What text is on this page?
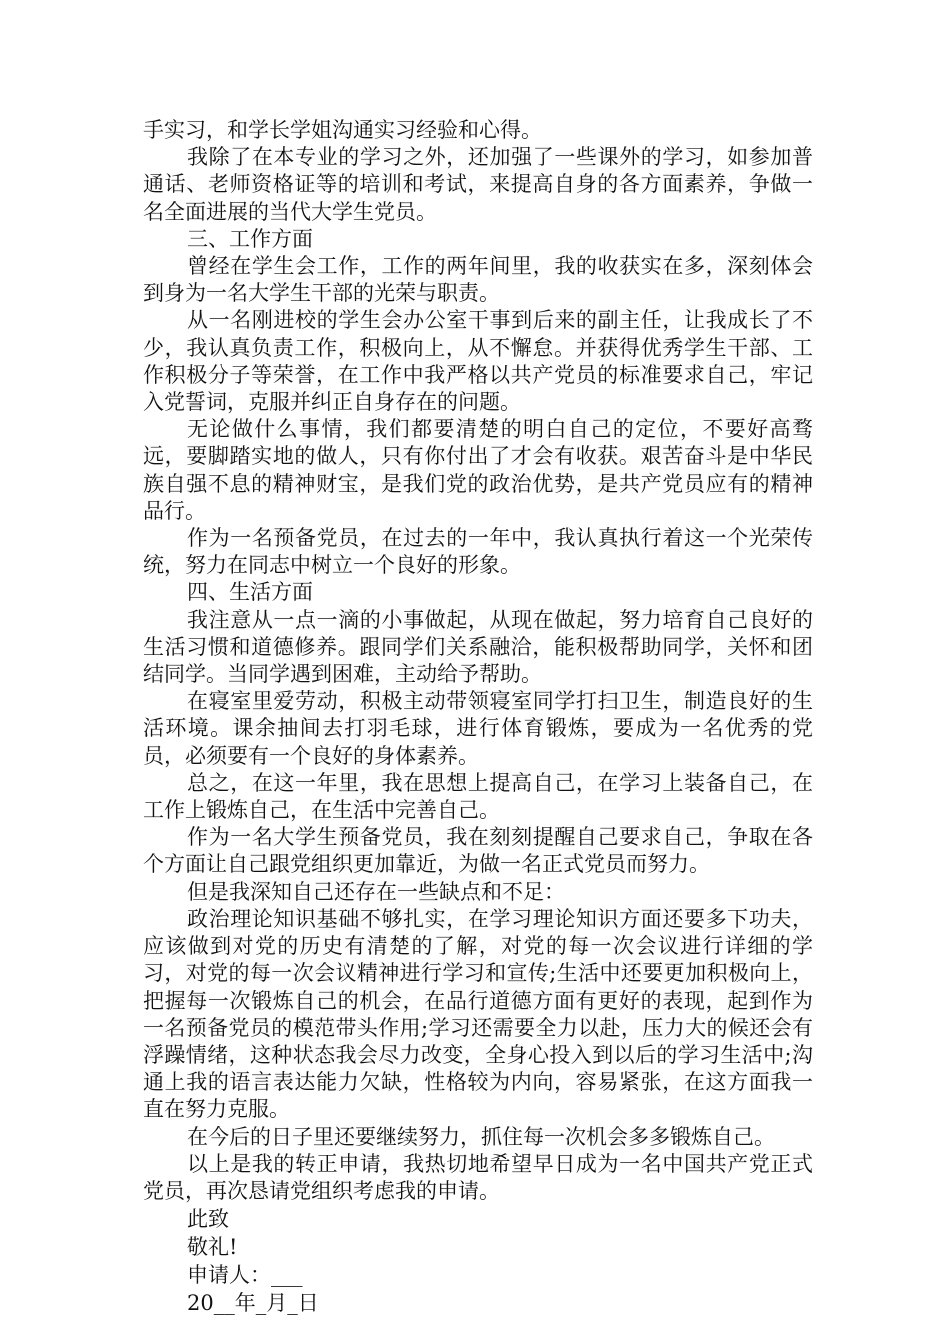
手实习，和学长学姐沟通实习经验和心得。

我除了在本专业的学习之外，还加强了一些课外的学习，如参加普通话、老师资格证等的培训和考试，来提高自身的各方面素养，争做一名全面进展的当代大学生党员。

三、工作方面

曾经在学生会工作，工作的两年间里，我的收获实在多，深刻体会到身为一名大学生干部的光荣与职责。

从一名刚进校的学生会办公室干事到后来的副主任，让我成长了不少，我认真负责工作，积极向上，从不懈怠。并获得优秀学生干部、工作积极分子等荣誉，在工作中我严格以共产党员的标准要求自己，牢记入党誓词，克服并纠正自身存在的问题。

无论做什么事情，我们都要清楚的明白自己的定位，不要好高骛远，要脚踏实地的做人，只有你付出了才会有收获。艰苦奋斗是中华民族自强不息的精神财宝，是我们党的政治优势，是共产党员应有的精神品行。

作为一名预备党员，在过去的一年中，我认真执行着这一个光荣传统，努力在同志中树立一个良好的形象。

四、生活方面

我注意从一点一滴的小事做起，从现在做起，努力培育自己良好的生活习惯和道德修养。跟同学们关系融洽，能积极帮助同学，关怀和团结同学。当同学遇到困难，主动给予帮助。

在寝室里爱劳动，积极主动带领寝室同学打扫卫生，制造良好的生活环境。课余抽间去打羽毛球，进行体育锻炼，要成为一名优秀的党员，必须要有一个良好的身体素养。

总之，在这一年里，我在思想上提高自己，在学习上装备自己，在工作上锻炼自己，在生活中完善自己。

作为一名大学生预备党员，我在刻刻提醒自己要求自己，争取在各个方面让自己跟党组织更加靠近，为做一名正式党员而努力。

但是我深知自己还存在一些缺点和不足：

政治理论知识基础不够扎实，在学习理论知识方面还要多下功夫，应该做到对党的历史有清楚的了解，对党的每一次会议进行详细的学习，对党的每一次会议精神进行学习和宣传;生活中还要更加积极向上，把握每一次锻炼自己的机会，在品行道德方面有更好的表现，起到作为一名预备党员的模范带头作用;学习还需要全力以赴，压力大的候还会有浮躁情绪，这种状态我会尽力改变，全身心投入到以后的学习生活中;沟通上我的语言表达能力欠缺，性格较为内向，容易紧张，在这方面我一直在努力克服。

在今后的日子里还要继续努力，抓住每一次机会多多锻炼自己。

以上是我的转正申请，我热切地希望早日成为一名中国共产党正式党员，再次恳请党组织考虑我的申请。

此致

敬礼!

申请人：___

20__年_月_日
